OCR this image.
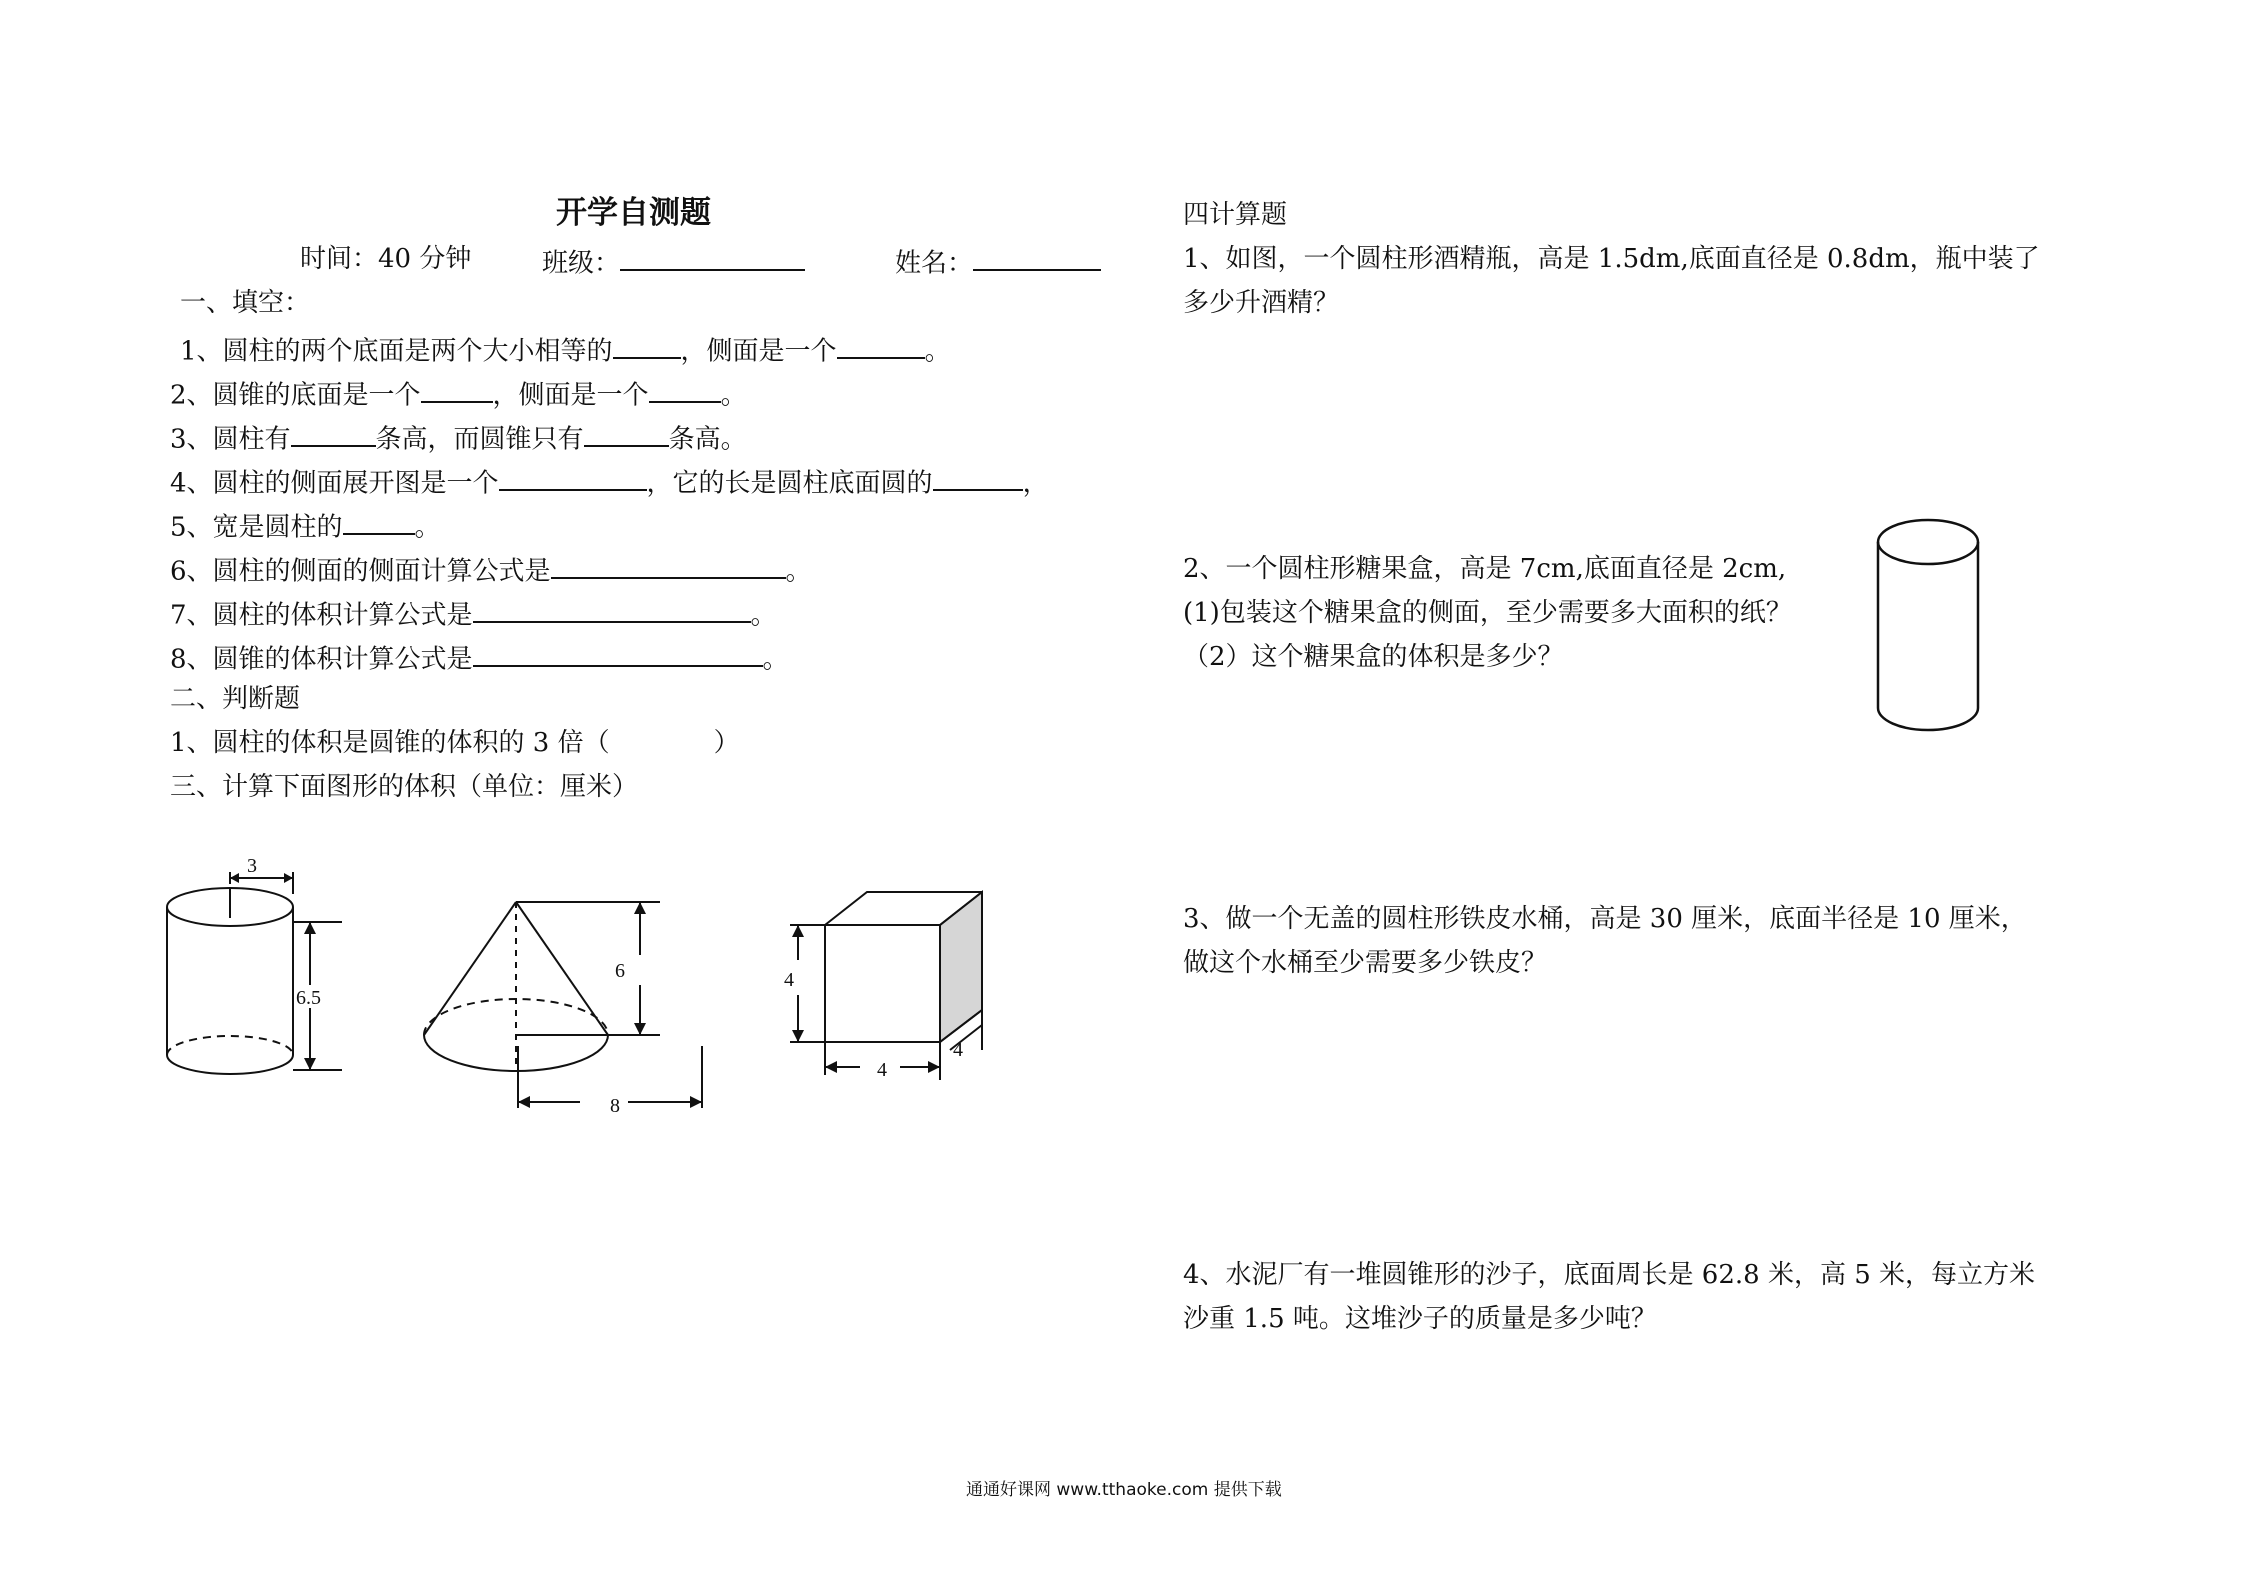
开学自测题
时间：40 分钟	班级：	姓名：
一、填空：
1、圆柱的两个底面是两个大小相等的	，侧面是一个	。
2、圆锥的底面是一个	，侧面是一个	。
3、圆柱有	条高，而圆锥只有	条高。
4、圆柱的侧面展开图是一个	，它的长是圆柱底面圆的	，
5、宽是圆柱的	。
6、圆柱的侧面的侧面计算公式是	。
7、圆柱的体积计算公式是	。
8、圆锥的体积计算公式是	。
二、判断题
1、圆柱的体积是圆锥的体积的 3 倍（　　　　）
三、计算下面图形的体积（单位：厘米）
3
6.5
6
8
4
4
4
四计算题
1、如图，一个圆柱形酒精瓶，高是 1.5dm,底面直径是 0.8dm，瓶中装了
多少升酒精？
2、一个圆柱形糖果盒，高是 7cm,底面直径是 2cm,
(1)包装这个糖果盒的侧面，至少需要多大面积的纸？
（2）这个糖果盒的体积是多少？
3、做一个无盖的圆柱形铁皮水桶，高是 30 厘米，底面半径是 10 厘米，
做这个水桶至少需要多少铁皮？
4、水泥厂有一堆圆锥形的沙子，底面周长是 62.8 米，高 5 米，每立方米
沙重 1.5 吨。这堆沙子的质量是多少吨？
通通好课网 www.tthaoke.com 提供下载
